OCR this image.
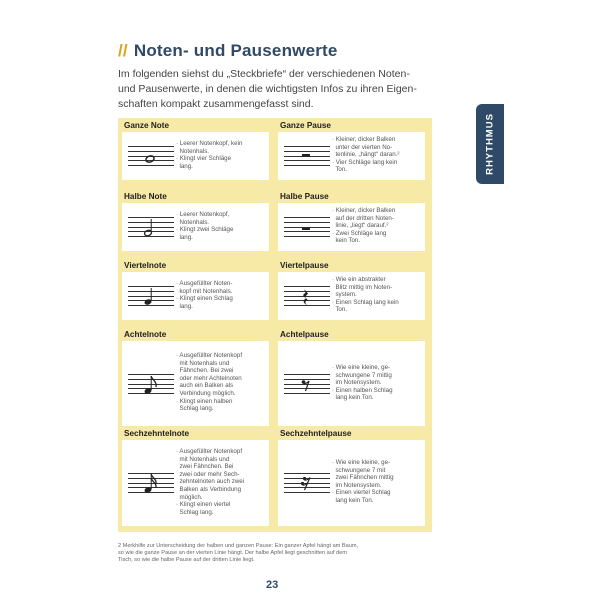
// Noten- und Pausenwerte
Im folgenden siehst du „Steckbriefe“ der verschiedenen Noten-
und Pausenwerte, in denen die wichtigsten Infos zu ihren Eigen-
schaften kompakt zusammengefasst sind.
RHYTHMUS
Ganze Note
· Leerer Notenkopf, kein
Notenhals.
· Klingt vier Schläge
lang.
Ganze Pause
· Kleiner, dicker Balken
unter der vierten No-
tenlinie, „hängt“ daran.²
· Vier Schläge lang kein
Ton.
Halbe Note
· Leerer Notenkopf,
Notenhals.
· Klingt zwei Schläge
lang.
Halbe Pause
· Kleiner, dicker Balken
auf der dritten Noten-
linie, „liegt“ darauf.²
· Zwei Schläge lang
kein Ton.
Viertelnote
· Ausgefüllter Noten-
kopf mit Notenhals.
· Klingt einen Schlag
lang.
Viertelpause
· Wie ein abstrakter
Blitz mittig im Noten-
system.
· Einen Schlag lang kein
Ton.
Achtelnote
· Ausgefüllter Notenkopf
mit Notenhals und
Fähnchen. Bei zwei
oder mehr Achtelnoten
auch ein Balken als
Verbindung möglich.
· Klingt einen halben
Schlag lang.
Achtelpause
· Wie eine kleine, ge-
schwungene 7 mittig
im Notensystem.
· Einen halben Schlag
lang kein Ton.
Sechzehntelnote
· Ausgefüllter Notenkopf
mit Notenhals und
zwei Fähnchen. Bei
zwei oder mehr Sech-
zehntelnoten auch zwei
Balken als Verbindung
möglich.
· Klingt einen viertel
Schlag lang.
Sechzehntelpause
· Wie eine kleine, ge-
schwungene 7 mit
zwei Fähnchen mittig
im Notensystem.
· Einen viertel Schlag
lang kein Ton.
2 Merkhilfe zur Unterscheidung der halben und ganzen Pause: Ein ganzer Apfel hängt am Baum,
so wie die ganze Pause an der vierten Linie hängt. Der halbe Apfel liegt geschnitten auf dem
Tisch, so wie die halbe Pause auf der dritten Linie liegt.
23
